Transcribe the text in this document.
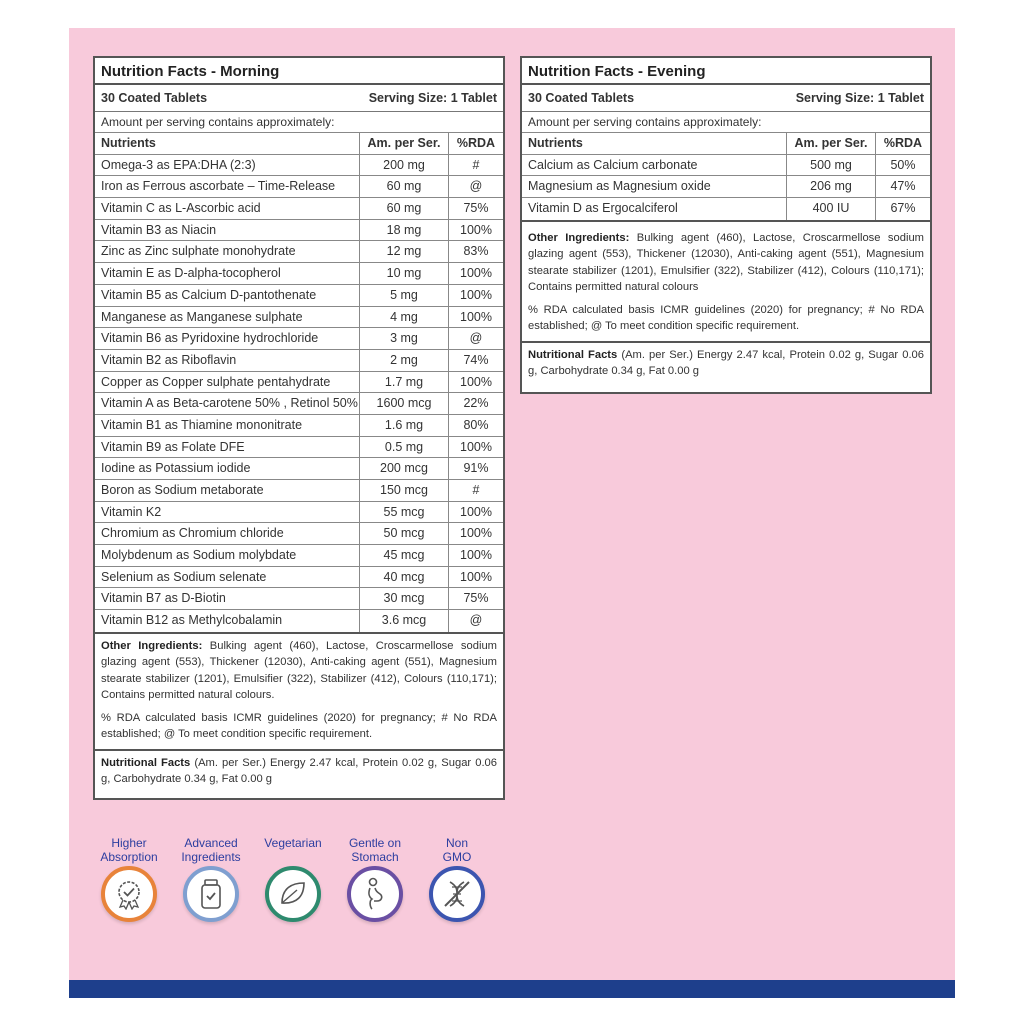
Nutrition Facts - Morning
30 Coated Tablets	Serving Size: 1 Tablet
Amount per serving contains approximately:
Nutrients	Am. per Ser.	%RDA
Omega-3 as EPA:DHA (2:3)	200 mg	#
Iron as Ferrous ascorbate – Time-Release	60 mg	@
Vitamin C as L-Ascorbic acid	60 mg	75%
Vitamin B3 as Niacin	18 mg	100%
Zinc as Zinc sulphate monohydrate	12 mg	83%
Vitamin E as D-alpha-tocopherol	10 mg	100%
Vitamin B5 as Calcium D-pantothenate	5 mg	100%
Manganese as Manganese sulphate	4 mg	100%
Vitamin B6 as Pyridoxine hydrochloride	3 mg	@
Vitamin B2 as Riboflavin	2 mg	74%
Copper as Copper sulphate pentahydrate	1.7 mg	100%
Vitamin A as Beta-carotene 50% , Retinol 50%	1600 mcg	22%
Vitamin B1 as Thiamine mononitrate	1.6 mg	80%
Vitamin B9 as Folate DFE	0.5 mg	100%
Iodine as Potassium iodide	200 mcg	91%
Boron as Sodium metaborate	150 mcg	#
Vitamin K2	55 mcg	100%
Chromium as Chromium chloride	50 mcg	100%
Molybdenum as Sodium molybdate	45 mcg	100%
Selenium as Sodium selenate	40 mcg	100%
Vitamin B7 as D-Biotin	30 mcg	75%
Vitamin B12 as Methylcobalamin	3.6 mcg	@
Other Ingredients: Bulking agent (460), Lactose, Croscarmellose sodium glazing agent (553), Thickener (12030), Anti-caking agent (551), Magnesium stearate stabilizer (1201), Emulsifier (322), Stabilizer (412), Colours (110,171); Contains permitted natural colours.
% RDA calculated basis ICMR guidelines (2020) for pregnancy; # No RDA established; @ To meet condition specific requirement.
Nutritional Facts (Am. per Ser.) Energy 2.47 kcal, Protein 0.02 g, Sugar 0.06 g, Carbohydrate 0.34 g, Fat 0.00 g
Nutrition Facts - Evening
30 Coated Tablets	Serving Size: 1 Tablet
Amount per serving contains approximately:
Nutrients	Am. per Ser.	%RDA
Calcium as Calcium carbonate	500 mg	50%
Magnesium as Magnesium oxide	206 mg	47%
Vitamin D as Ergocalciferol	400 IU	67%
Other Ingredients: Bulking agent (460), Lactose, Croscarmellose sodium glazing agent (553), Thickener (12030), Anti-caking agent (551), Magnesium stearate stabilizer (1201), Emulsifier (322), Stabilizer (412), Colours (110,171); Contains permitted natural colours
% RDA calculated basis ICMR guidelines (2020) for pregnancy; # No RDA established; @ To meet condition specific requirement.
Nutritional Facts (Am. per Ser.) Energy 2.47 kcal, Protein 0.02 g, Sugar 0.06 g, Carbohydrate 0.34 g, Fat 0.00 g
Higher
Absorption
Advanced
Ingredients
Vegetarian	Gentle on
Stomach
Non
GMO
